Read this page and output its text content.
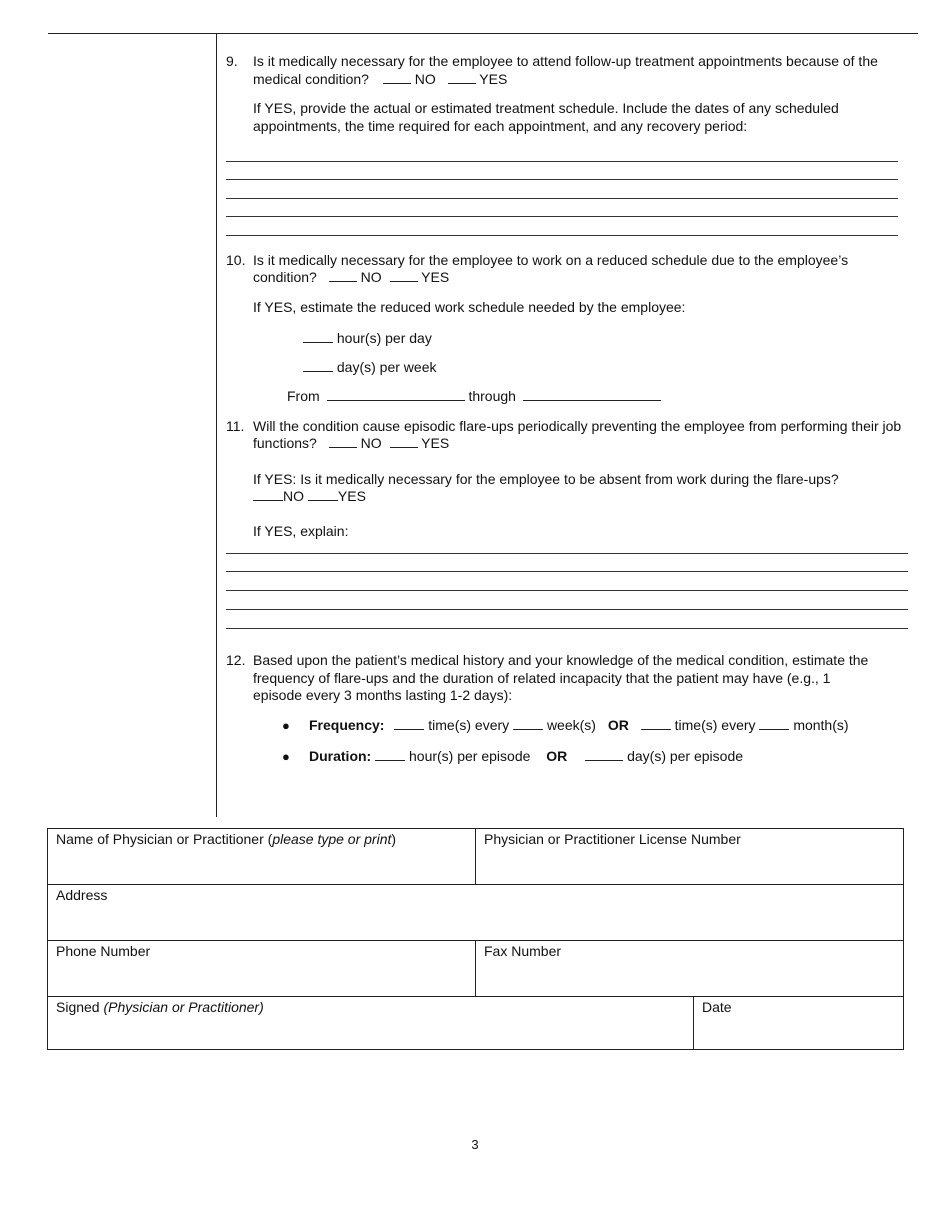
9. Is it medically necessary for the employee to attend follow-up treatment appointments because of the
medical condition?	NO	YES
If YES, provide the actual or estimated treatment schedule. Include the dates of any scheduled
appointments, the time required for each appointment, and any recovery period:
10. Is it medically necessary for the employee to work on a reduced schedule due to the employee’s
condition?	NO	YES
If YES, estimate the reduced work schedule needed by the employee:
hour(s) per day
day(s) per week
From	through
11. Will the condition cause episodic flare-ups periodically preventing the employee from performing their job
functions?	NO	YES
If YES: Is it medically necessary for the employee to be absent from work during the flare-ups?
NO YES
If YES, explain:
12. Based upon the patient’s medical history and your knowledge of the medical condition, estimate the
frequency of flare-ups and the duration of related incapacity that the patient may have (e.g., 1
episode every 3 months lasting 1-2 days):
● Frequency:	time(s) every	week(s) OR	time(s) every	month(s)
● Duration:	hour(s) per episode OR	day(s) per episode
Name of Physician or Practitioner (please type or print)	Physician or Practitioner License Number	
Address		
Phone Number	Fax Number	
Signed (Physician or Practitioner)		Date
3
